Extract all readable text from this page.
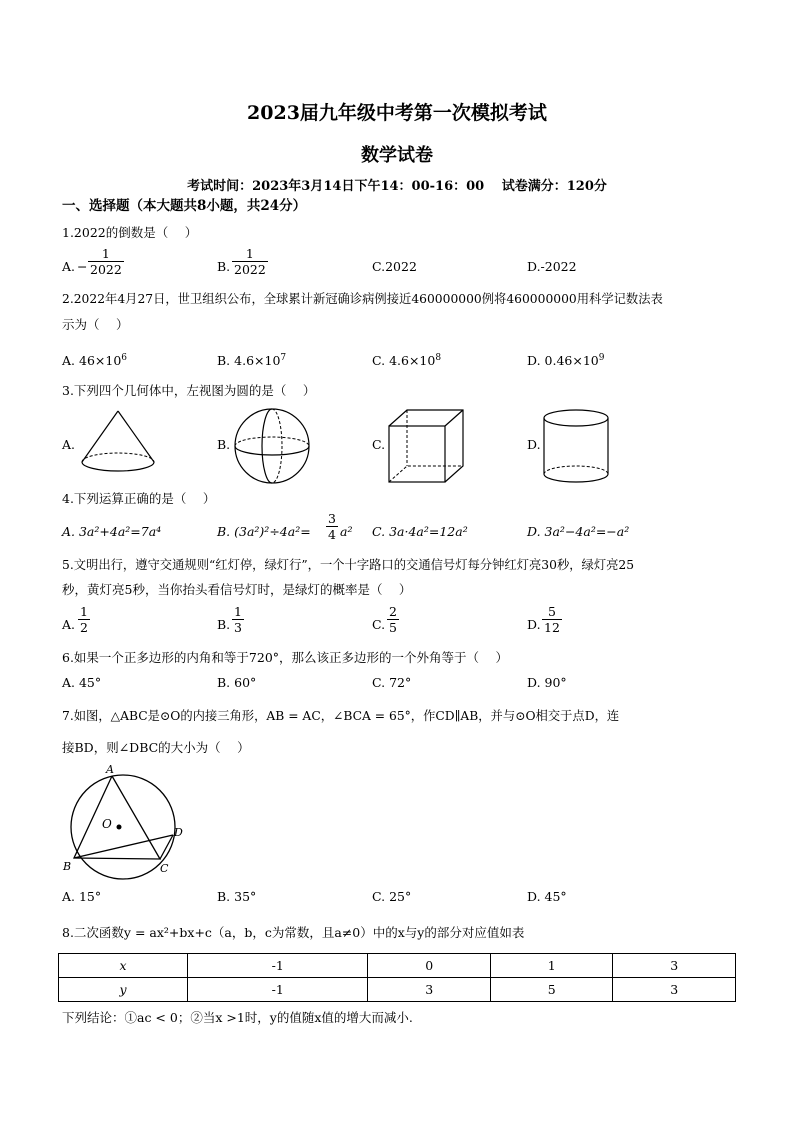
2023届九年级中考第一次模拟考试
数学试卷
考试时间：2023年3月14日下午14：00-16：00　 试卷满分：120分
一、选择题（本大题共8小题，共24分）
1.2022的倒数是（　 ）
A. − $\frac{1}{2022}$	B. $\frac{1}{2022}$	C.2022	D.-2022
2.2022年4月27日，世卫组织公布，全球累计新冠确诊病例接近460000000例将460000000用科学记数法表
示为（　 ）
A. $46\times 10^6$	B. $4.6\times 10^7$	C. $4.6\times 10^8$	D. $0.46\times 10^9$
3.下列四个几何体中，左视图为圆的是（　 ）
A.	B.	C.	D.
4.下列运算正确的是（　 ）
A. 3a²+4a²=7a⁴	B. $(3a^2)^2\div 4a^2= \frac{3}{4} a^2$ C. 3a·4a²=12a²	D. 3a²−4a²=−a²
5.文明出行，遵守交通规则“红灯停，绿灯行”，一个十字路口的交通信号灯每分钟红灯亮30秒，绿灯亮25
秒，黄灯亮5秒，当你抬头看信号灯时，是绿灯的概率是（　 ）
A. $\frac{1}{2}$	B. $\frac{1}{3}$	C. $\frac{2}{5}$	D. $\frac{5}{12}$
6.如果一个正多边形的内角和等于720°，那么该正多边形的一个外角等于（　 ）
A. 45°	B. 60°	C. 72°	D. 90°
7.如图，△ABC是⊙O的内接三角形，AB = AC，∠BCA = 65°，作CD∥AB，并与⊙O相交于点D，连
接BD，则∠DBC的大小为（　 ）
A
O
B	C
D
A. 15°	B. 35°	C. 25°	D. 45°
8.二次函数y = ax²+bx+c（a，b，c为常数，且a≠0）中的x与y的部分对应值如表
x	-1	0	1	3
y	-1	3	5	3
下列结论：①ac < 0；②当x >1时，y的值随x值的增大而减小.
